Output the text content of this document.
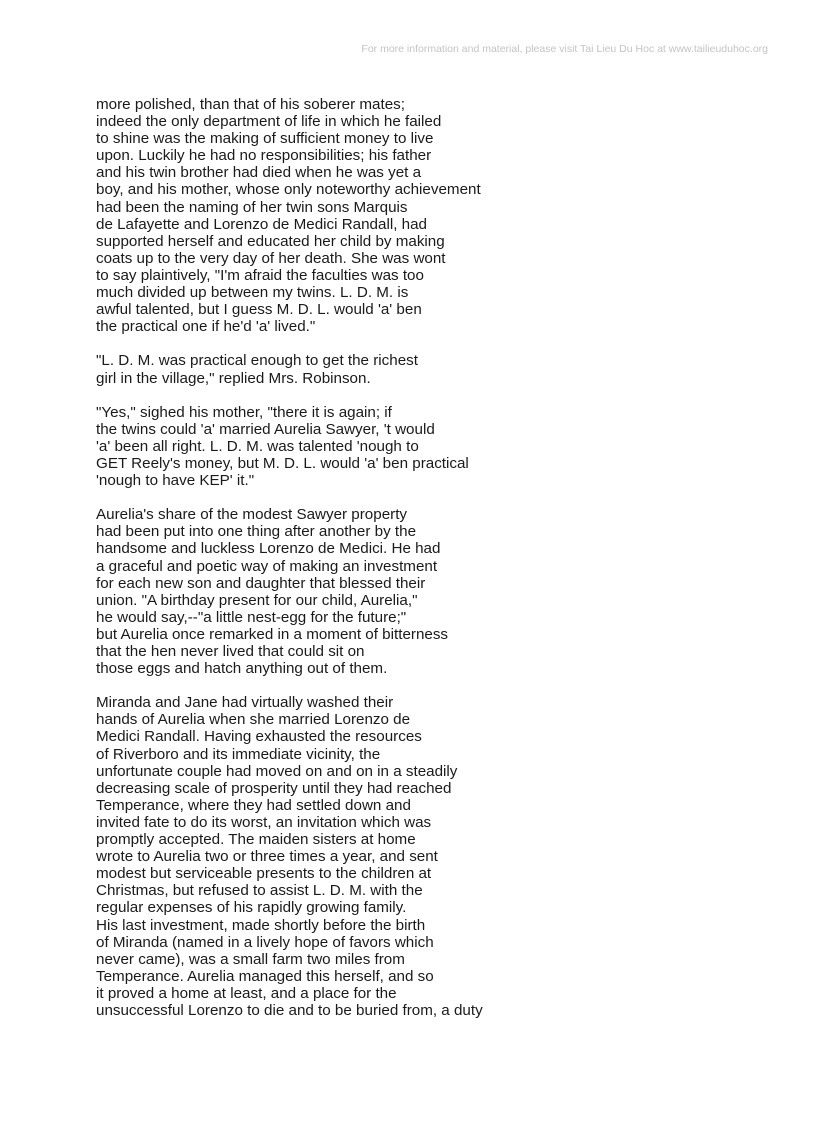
For more information and material, please visit Tai Lieu Du Hoc at www.tailieuduhoc.org

more polished, than that of his soberer mates;
indeed the only department of life in which he failed
to shine was the making of sufficient money to live
upon. Luckily he had no responsibilities; his father
and his twin brother had died when he was yet a
boy, and his mother, whose only noteworthy achievement
had been the naming of her twin sons Marquis
de Lafayette and Lorenzo de Medici Randall, had
supported herself and educated her child by making
coats up to the very day of her death. She was wont
to say plaintively, "I'm afraid the faculties was too
much divided up between my twins. L. D. M. is
awful talented, but I guess M. D. L. would 'a' ben
the practical one if he'd 'a' lived."

"L. D. M. was practical enough to get the richest
girl in the village," replied Mrs. Robinson.

"Yes," sighed his mother, "there it is again; if
the twins could 'a' married Aurelia Sawyer, 't would
'a' been all right. L. D. M. was talented 'nough to
GET Reely's money, but M. D. L. would 'a' ben practical
'nough to have KEP' it."

Aurelia's share of the modest Sawyer property
had been put into one thing after another by the
handsome and luckless Lorenzo de Medici. He had
a graceful and poetic way of making an investment
for each new son and daughter that blessed their
union. "A birthday present for our child, Aurelia,"
he would say,--"a little nest-egg for the future;"
but Aurelia once remarked in a moment of bitterness
that the hen never lived that could sit on
those eggs and hatch anything out of them.

Miranda and Jane had virtually washed their
hands of Aurelia when she married Lorenzo de
Medici Randall. Having exhausted the resources
of Riverboro and its immediate vicinity, the
unfortunate couple had moved on and on in a steadily
decreasing scale of prosperity until they had reached
Temperance, where they had settled down and
invited fate to do its worst, an invitation which was
promptly accepted. The maiden sisters at home
wrote to Aurelia two or three times a year, and sent
modest but serviceable presents to the children at
Christmas, but refused to assist L. D. M. with the
regular expenses of his rapidly growing family.
His last investment, made shortly before the birth
of Miranda (named in a lively hope of favors which
never came), was a small farm two miles from
Temperance. Aurelia managed this herself, and so
it proved a home at least, and a place for the
unsuccessful Lorenzo to die and to be buried from, a duty
